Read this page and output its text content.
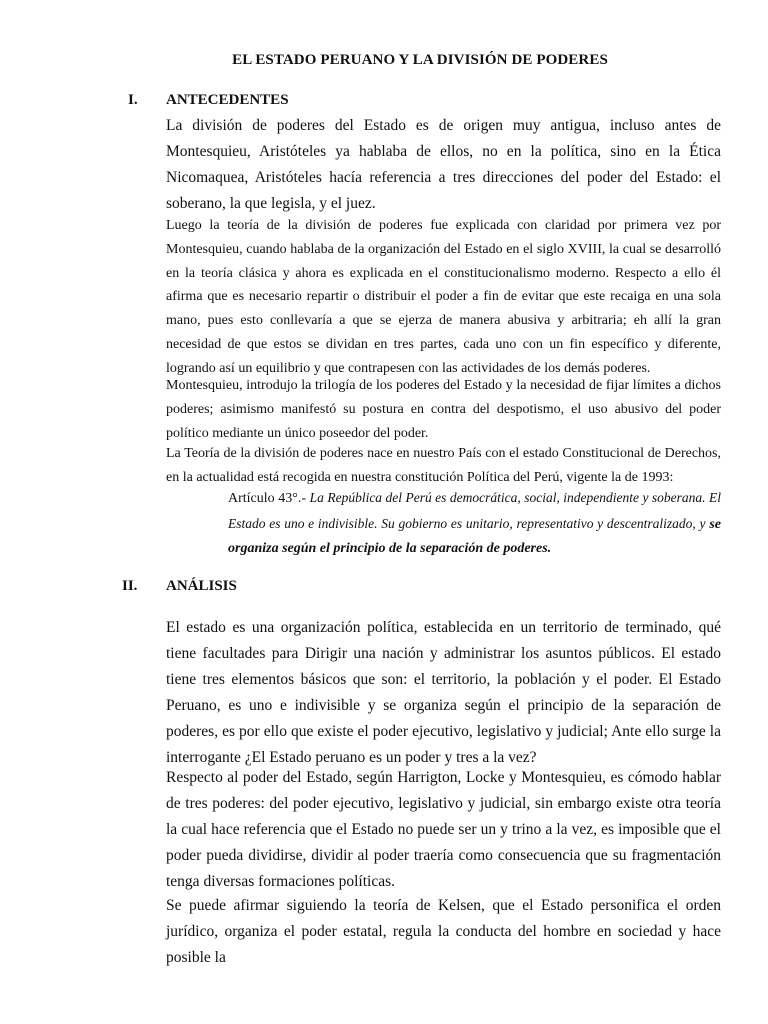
EL ESTADO PERUANO Y LA DIVISIÓN DE PODERES
I. ANTECEDENTES

La división de poderes del Estado es de origen muy antigua, incluso antes de Montesquieu, Aristóteles ya hablaba de ellos, no en la política, sino en la Ética Nicomaquea, Aristóteles hacía referencia a tres direcciones del poder del Estado: el soberano, la que legisla, y el juez.

Luego la teoría de la división de poderes fue explicada con claridad por primera vez por Montesquieu, cuando hablaba de la organización del Estado en el siglo XVIII, la cual se desarrolló en la teoría clásica y ahora es explicada en el constitucionalismo moderno. Respecto a ello él afirma que es necesario repartir o distribuir el poder a fin de evitar que este recaiga en una sola mano, pues esto conllevaría a que se ejerza de manera abusiva y arbitraria; eh allí la gran necesidad de que estos se dividan en tres partes, cada uno con un fin específico y diferente, logrando así un equilibrio y que contrapesen con las actividades de los demás poderes.

Montesquieu, introdujo la trilogía de los poderes del Estado y la necesidad de fijar límites a dichos poderes; asimismo manifestó su postura en contra del despotismo, el uso abusivo del poder político mediante un único poseedor del poder.

La Teoría de la división de poderes nace en nuestro País con el estado Constitucional de Derechos, en la actualidad está recogida en nuestra constitución Política del Perú, vigente la de 1993:

Artículo 43°.- La República del Perú es democrática, social, independiente y soberana. El Estado es uno e indivisible. Su gobierno es unitario, representativo y descentralizado, y se organiza según el principio de la separación de poderes.

II. ANÁLISIS

El estado es una organización política, establecida en un territorio de terminado, qué tiene facultades para Dirigir una nación y administrar los asuntos públicos. El estado tiene tres elementos básicos que son: el territorio, la población y el poder. El Estado Peruano, es uno e indivisible y se organiza según el principio de la separación de poderes, es por ello que existe el poder ejecutivo, legislativo y judicial; Ante ello surge la interrogante ¿El Estado peruano es un poder y tres a la vez?

Respecto al poder del Estado, según Harrigton, Locke y Montesquieu, es cómodo hablar de tres poderes: del poder ejecutivo, legislativo y judicial, sin embargo existe otra teoría la cual hace referencia que el Estado no puede ser un y trino a la vez, es imposible que el poder pueda dividirse, dividir al poder traería como consecuencia que su fragmentación tenga diversas formaciones políticas.

Se puede afirmar siguiendo la teoría de Kelsen, que el Estado personifica el orden jurídico, organiza el poder estatal, regula la conducta del hombre en sociedad y hace posible la
